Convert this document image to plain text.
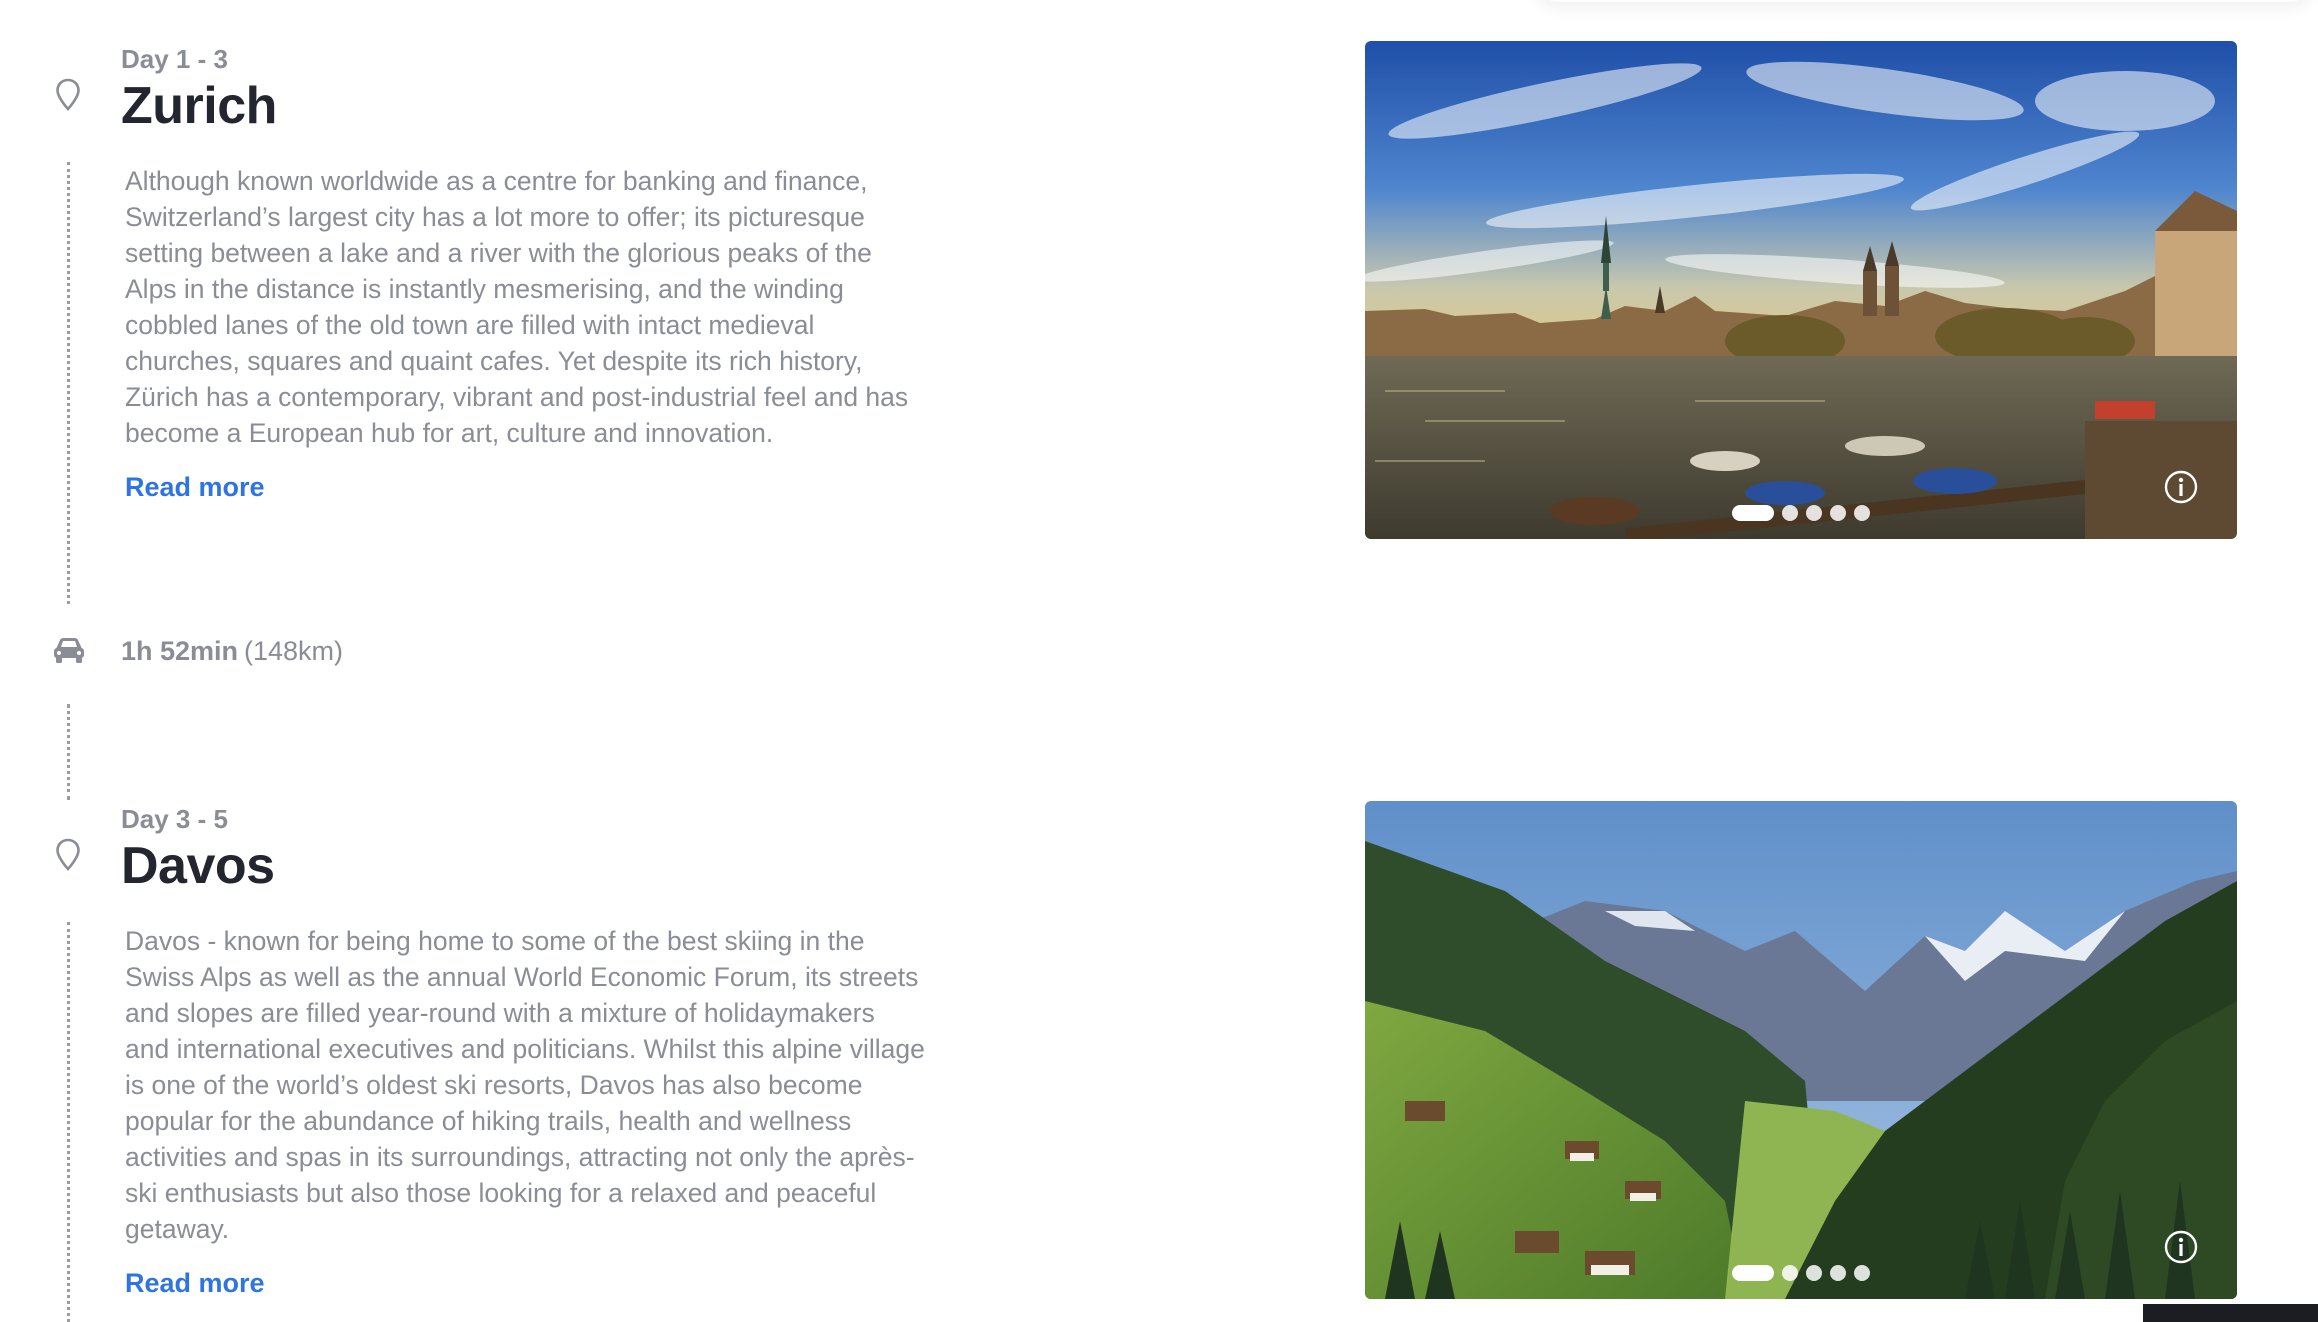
Day 1 - 3
Zurich
Although known worldwide as a centre for banking and finance, Switzerland’s largest city has a lot more to offer; its picturesque setting between a lake and a river with the glorious peaks of the Alps in the distance is instantly mesmerising, and the winding cobbled lanes of the old town are filled with intact medieval churches, squares and quaint cafes. Yet despite its rich history, Zürich has a contemporary, vibrant and post-industrial feel and has become a European hub for art, culture and innovation.
Read more
1h 52min (148km)
Day 3 - 5
Davos
Davos - known for being home to some of the best skiing in the Swiss Alps as well as the annual World Economic Forum, its streets and slopes are filled year-round with a mixture of holidaymakers and international executives and politicians. Whilst this alpine village is one of the world’s oldest ski resorts, Davos has also become popular for the abundance of hiking trails, health and wellness activities and spas in its surroundings, attracting not only the après-ski enthusiasts but also those looking for a relaxed and peaceful getaway.
Read more
